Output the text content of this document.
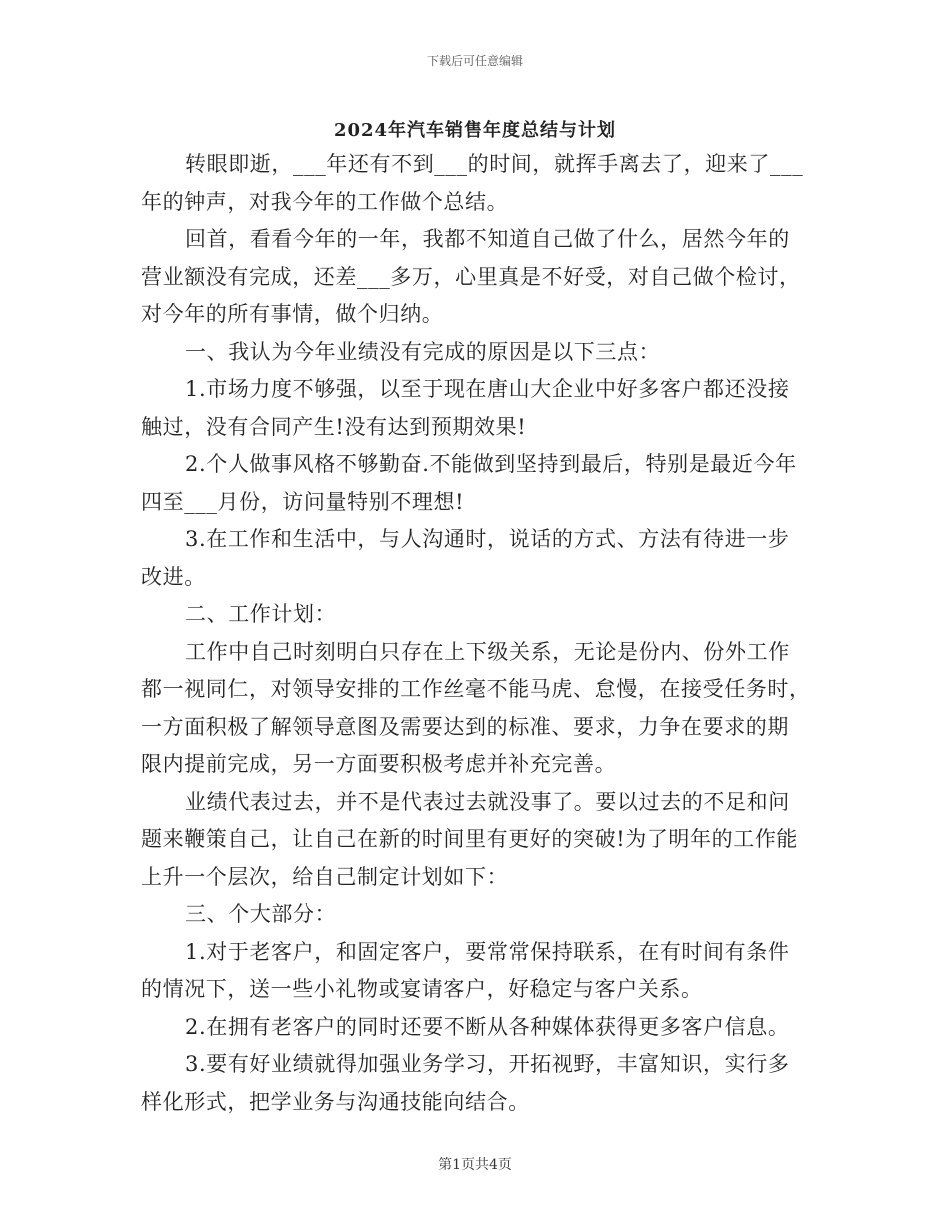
下载后可任意编辑
2024年汽车销售年度总结与计划

转眼即逝，___年还有不到___的时间，就挥手离去了，迎来了___

年的钟声，对我今年的工作做个总结。

回首，看看今年的一年，我都不知道自己做了什么，居然今年的

营业额没有完成，还差___多万，心里真是不好受，对自己做个检讨，

对今年的所有事情，做个归纳。

一、我认为今年业绩没有完成的原因是以下三点：

1.市场力度不够强，以至于现在唐山大企业中好多客户都还没接

触过，没有合同产生!没有达到预期效果!

2.个人做事风格不够勤奋.不能做到坚持到最后，特别是最近今年

四至___月份，访问量特别不理想!

3.在工作和生活中，与人沟通时，说话的方式、方法有待进一步

改进。

二、工作计划：

工作中自己时刻明白只存在上下级关系，无论是份内、份外工作

都一视同仁，对领导安排的工作丝毫不能马虎、怠慢，在接受任务时，

一方面积极了解领导意图及需要达到的标准、要求，力争在要求的期

限内提前完成，另一方面要积极考虑并补充完善。

业绩代表过去，并不是代表过去就没事了。要以过去的不足和问

题来鞭策自己，让自己在新的时间里有更好的突破!为了明年的工作能

上升一个层次，给自己制定计划如下：

三、个大部分：

1.对于老客户，和固定客户，要常常保持联系，在有时间有条件

的情况下，送一些小礼物或宴请客户，好稳定与客户关系。

2.在拥有老客户的同时还要不断从各种媒体获得更多客户信息。

3.要有好业绩就得加强业务学习，开拓视野，丰富知识，实行多

样化形式，把学业务与沟通技能向结合。

第1页共4页
